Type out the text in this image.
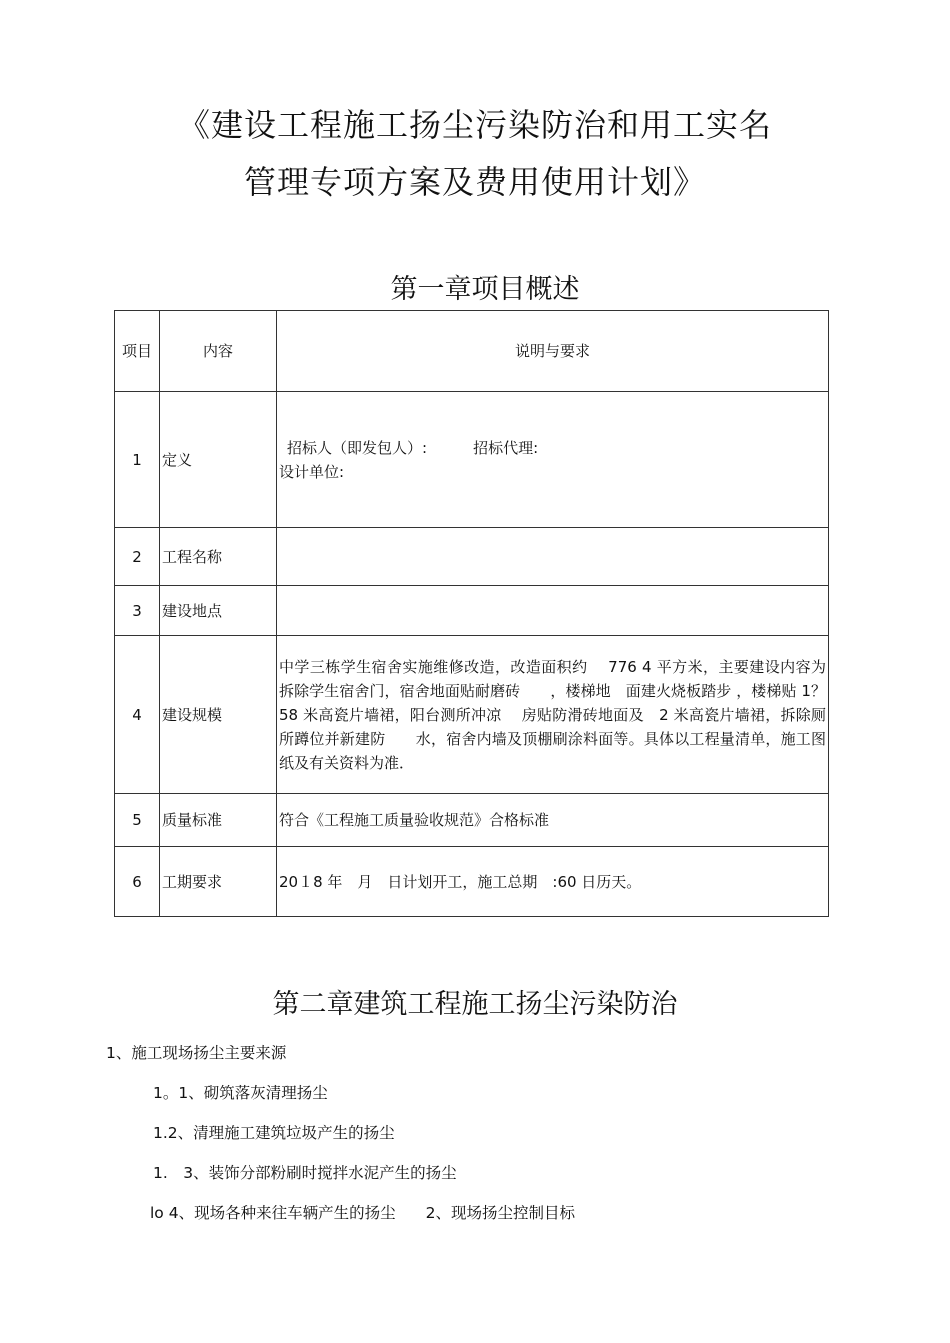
《建设工程施工扬尘污染防治和用工实名
管理专项方案及费用使用计划》
第一章项目概述
项目	内容	说明与要求
1	定义	招标人（即发包人）: 招标代理:
设计单位:

2	工程名称	
3	建设地点	
4	建设规模	中学三栋学生宿舍实施维修改造，改造面积约　 776 4 平方米，主要建设内容为拆除学生宿舍门，宿舍地面贴耐磨砖　　，楼梯地　面建火烧板踏步 ，楼梯贴 1？58 米高瓷片墙裙，阳台测所冲凉　 房贴防滑砖地面及　2 米高瓷片墙裙，拆除厕所蹲位并新建防　　水，宿舍内墙及顶棚刷涂料面等。具体以工程量清单，施工图　　 纸及有关资料为准．
5	质量标准	符合《工程施工质量验收规范》合格标准
6	工期要求	20１8 年　月　日计划开工，施工总期　:60 日历天。
第二章建筑工程施工扬尘污染防治

1、施工现场扬尘主要来源

1。1、砌筑落灰清理扬尘

1.2、清理施工建筑垃圾产生的扬尘

1.　3、装饰分部粉刷时搅拌水泥产生的扬尘

lo 4、现场各种来往车辆产生的扬尘 2、现场扬尘控制目标
